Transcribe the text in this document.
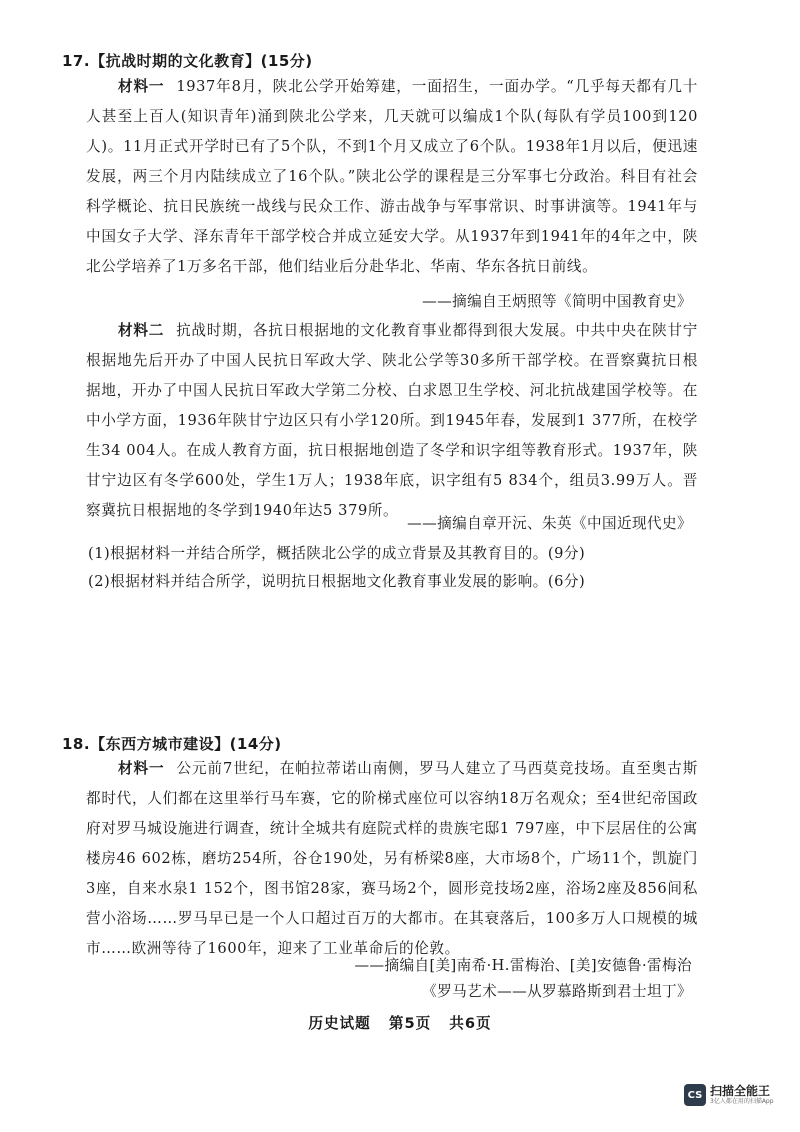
17.【抗战时期的文化教育】(15分)
材料一 1937年8月，陕北公学开始筹建，一面招生，一面办学。“几乎每天都有几十人甚至上百人(知识青年)涌到陕北公学来，几天就可以编成1个队(每队有学员100到120人)。11月正式开学时已有了5个队，不到1个月又成立了6个队。1938年1月以后，便迅速发展，两三个月内陆续成立了16个队。”陕北公学的课程是三分军事七分政治。科目有社会科学概论、抗日民族统一战线与民众工作、游击战争与军事常识、时事讲演等。1941年与中国女子大学、泽东青年干部学校合并成立延安大学。从1937年到1941年的4年之中，陕北公学培养了1万多名干部，他们结业后分赴华北、华南、华东各抗日前线。
——摘编自王炳照等《简明中国教育史》
材料二 抗战时期，各抗日根据地的文化教育事业都得到很大发展。中共中央在陕甘宁根据地先后开办了中国人民抗日军政大学、陕北公学等30多所干部学校。在晋察冀抗日根据地，开办了中国人民抗日军政大学第二分校、白求恩卫生学校、河北抗战建国学校等。在中小学方面，1936年陕甘宁边区只有小学120所。到1945年春，发展到1 377所，在校学生34 004人。在成人教育方面，抗日根据地创造了冬学和识字组等教育形式。1937年，陕甘宁边区有冬学600处，学生1万人；1938年底，识字组有5 834个，组员3.99万人。晋察冀抗日根据地的冬学到1940年达5 379所。
——摘编自章开沅、朱英《中国近现代史》
(1)根据材料一并结合所学，概括陕北公学的成立背景及其教育目的。(9分)
(2)根据材料并结合所学，说明抗日根据地文化教育事业发展的影响。(6分)
18.【东西方城市建设】(14分)
材料一 公元前7世纪，在帕拉蒂诺山南侧，罗马人建立了马西莫竞技场。直至奥古斯都时代，人们都在这里举行马车赛，它的阶梯式座位可以容纳18万名观众；至4世纪帝国政府对罗马城设施进行调查，统计全城共有庭院式样的贵族宅邸1 797座，中下层居住的公寓楼房46 602栋，磨坊254所，谷仓190处，另有桥梁8座，大市场8个，广场11个，凯旋门3座，自来水泉1 152个，图书馆28家，赛马场2个，圆形竞技场2座，浴场2座及856间私营小浴场……罗马早已是一个人口超过百万的大都市。在其衰落后，100多万人口规模的城市……欧洲等待了1600年，迎来了工业革命后的伦敦。
——摘编自[美]南希·H.雷梅治、[美]安德鲁·雷梅治
《罗马艺术——从罗慕路斯到君士坦丁》
历史试题 第5页 共6页
CS 扫描全能王
3亿人都在用的扫描App
